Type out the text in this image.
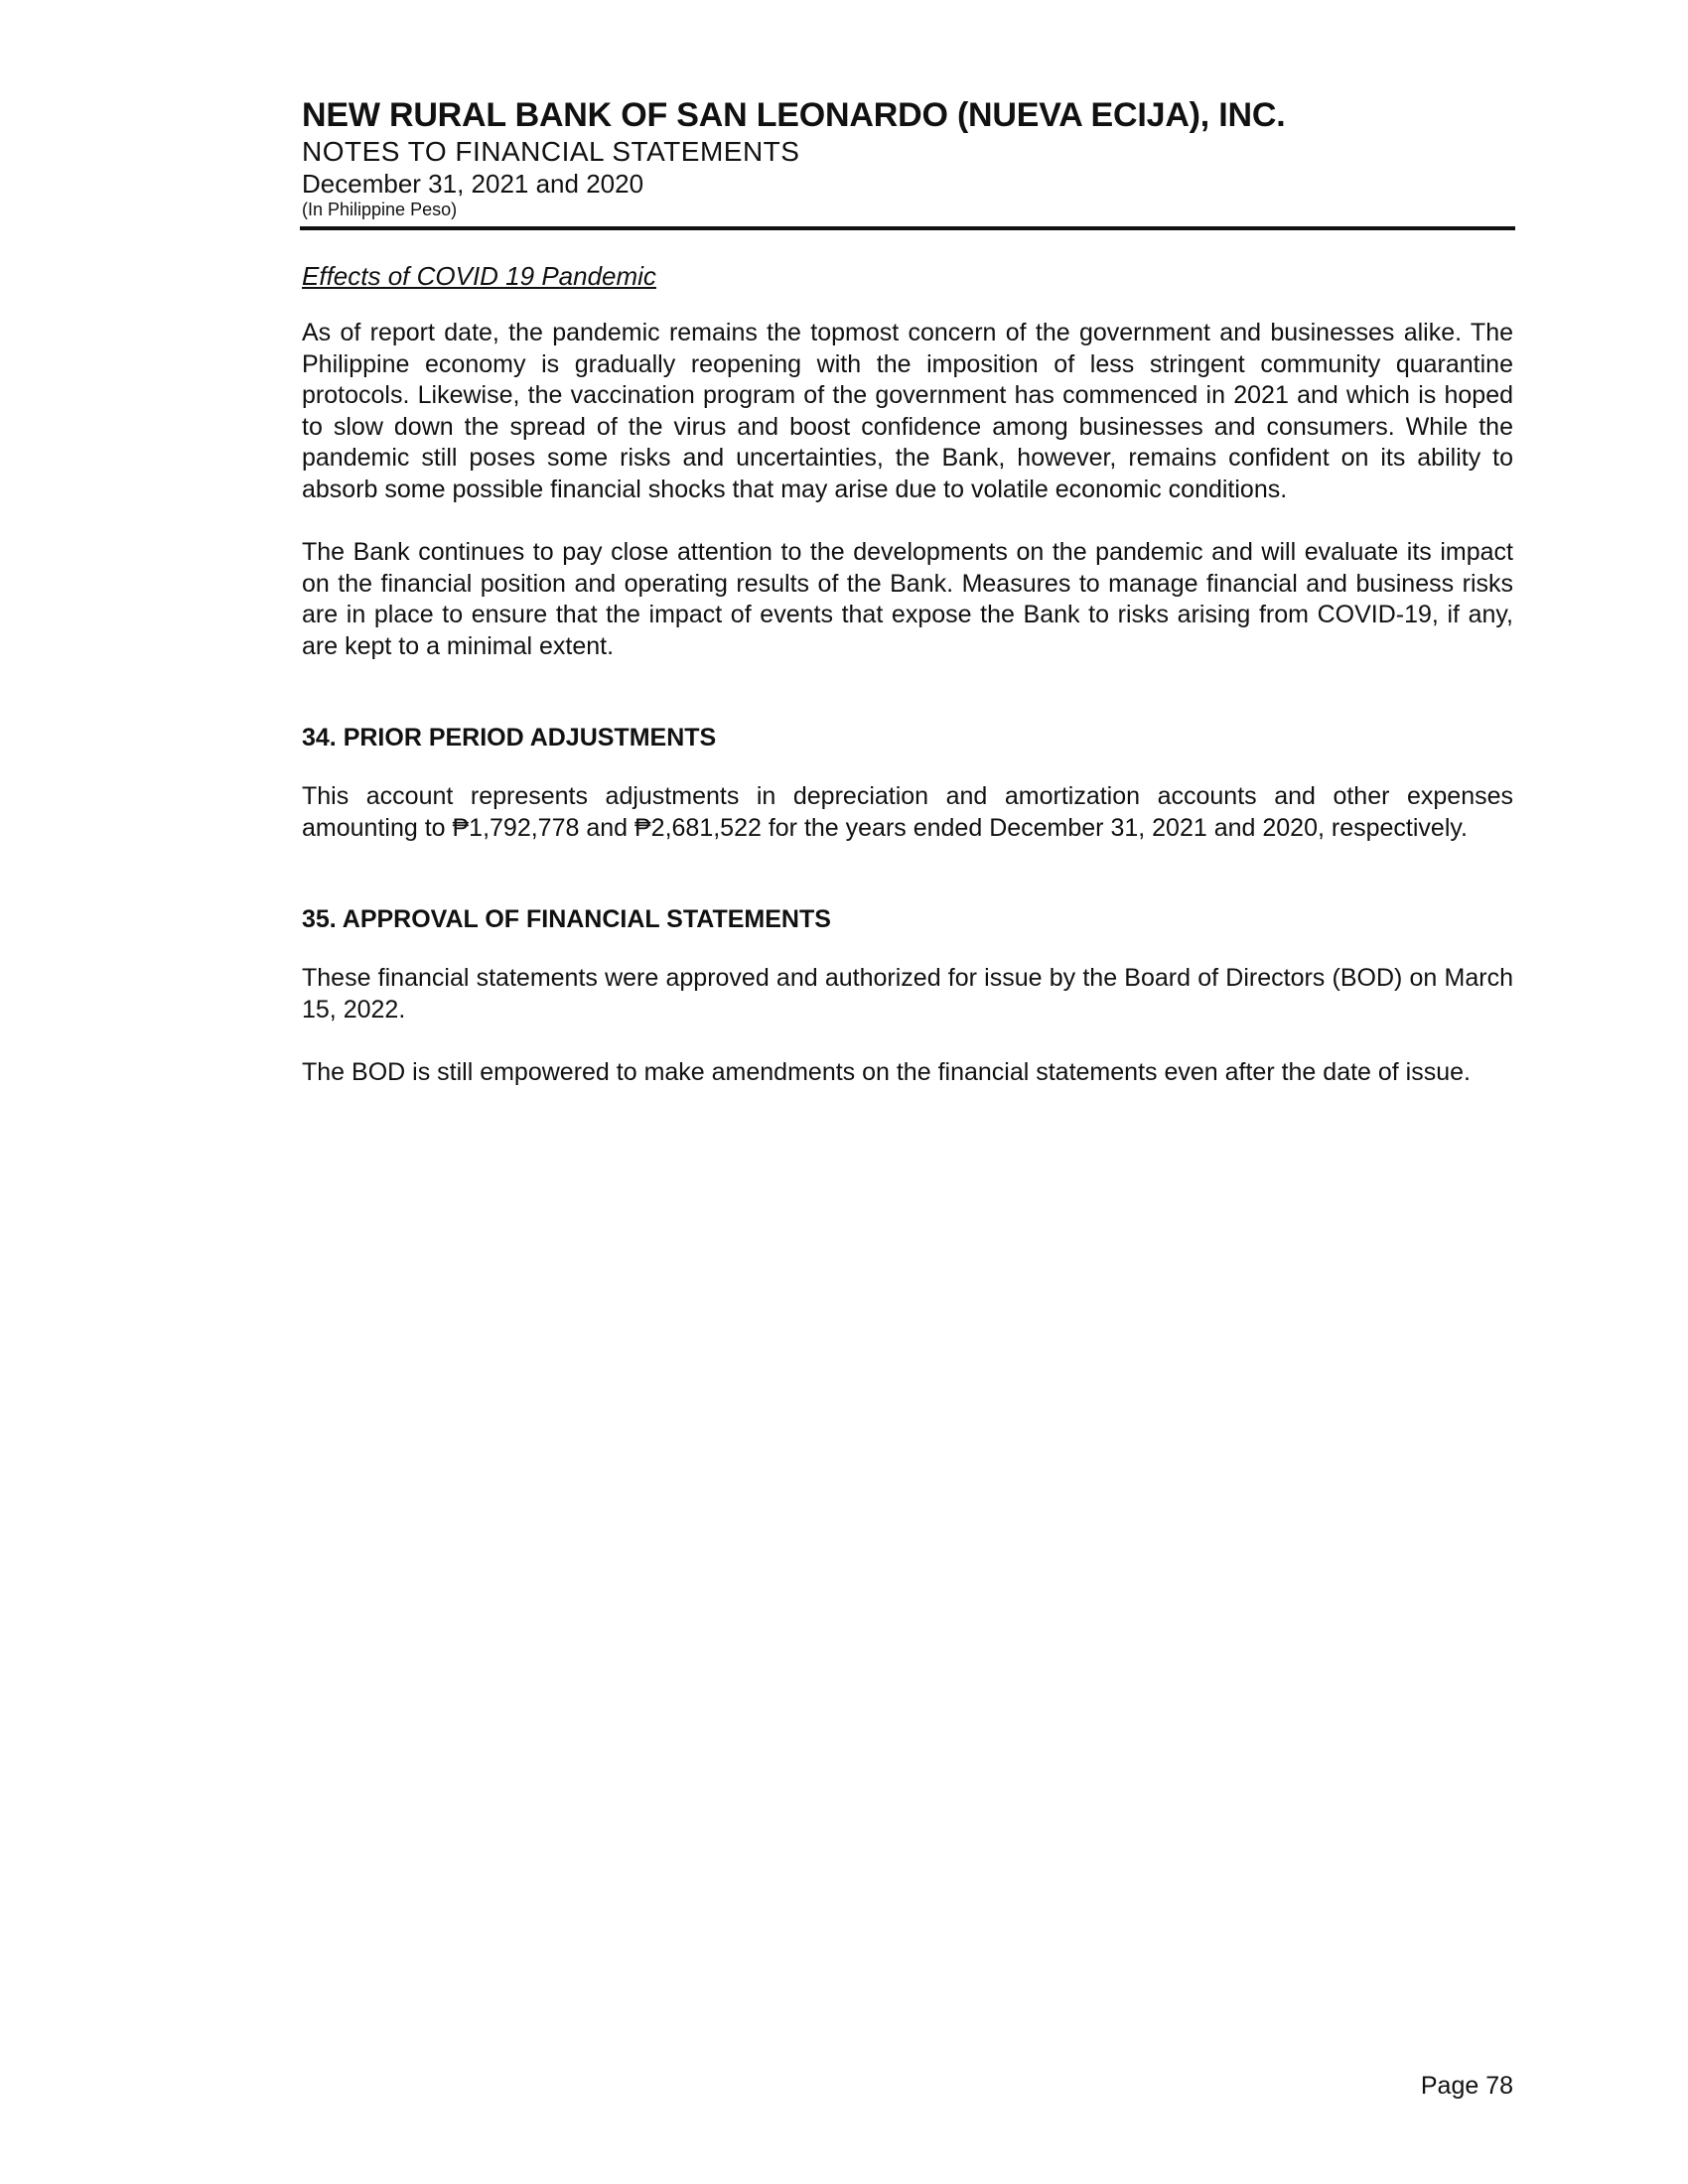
NEW RURAL BANK OF SAN LEONARDO (NUEVA ECIJA), INC.
NOTES TO FINANCIAL STATEMENTS
December 31, 2021 and 2020
(In Philippine Peso)
Effects of COVID 19 Pandemic

As of report date, the pandemic remains the topmost concern of the government and businesses alike. The Philippine economy is gradually reopening with the imposition of less stringent community quarantine protocols. Likewise, the vaccination program of the government has commenced in 2021 and which is hoped to slow down the spread of the virus and boost confidence among businesses and consumers. While the pandemic still poses some risks and uncertainties, the Bank, however, remains confident on its ability to absorb some possible financial shocks that may arise due to volatile economic conditions.

The Bank continues to pay close attention to the developments on the pandemic and will evaluate its impact on the financial position and operating results of the Bank. Measures to manage financial and business risks are in place to ensure that the impact of events that expose the Bank to risks arising from COVID-19, if any, are kept to a minimal extent.

34. PRIOR PERIOD ADJUSTMENTS

This account represents adjustments in depreciation and amortization accounts and other expenses amounting to ₱1,792,778 and ₱2,681,522 for the years ended December 31, 2021 and 2020, respectively.

35. APPROVAL OF FINANCIAL STATEMENTS

These financial statements were approved and authorized for issue by the Board of Directors (BOD) on March 15, 2022.

The BOD is still empowered to make amendments on the financial statements even after the date of issue.

Page 78
